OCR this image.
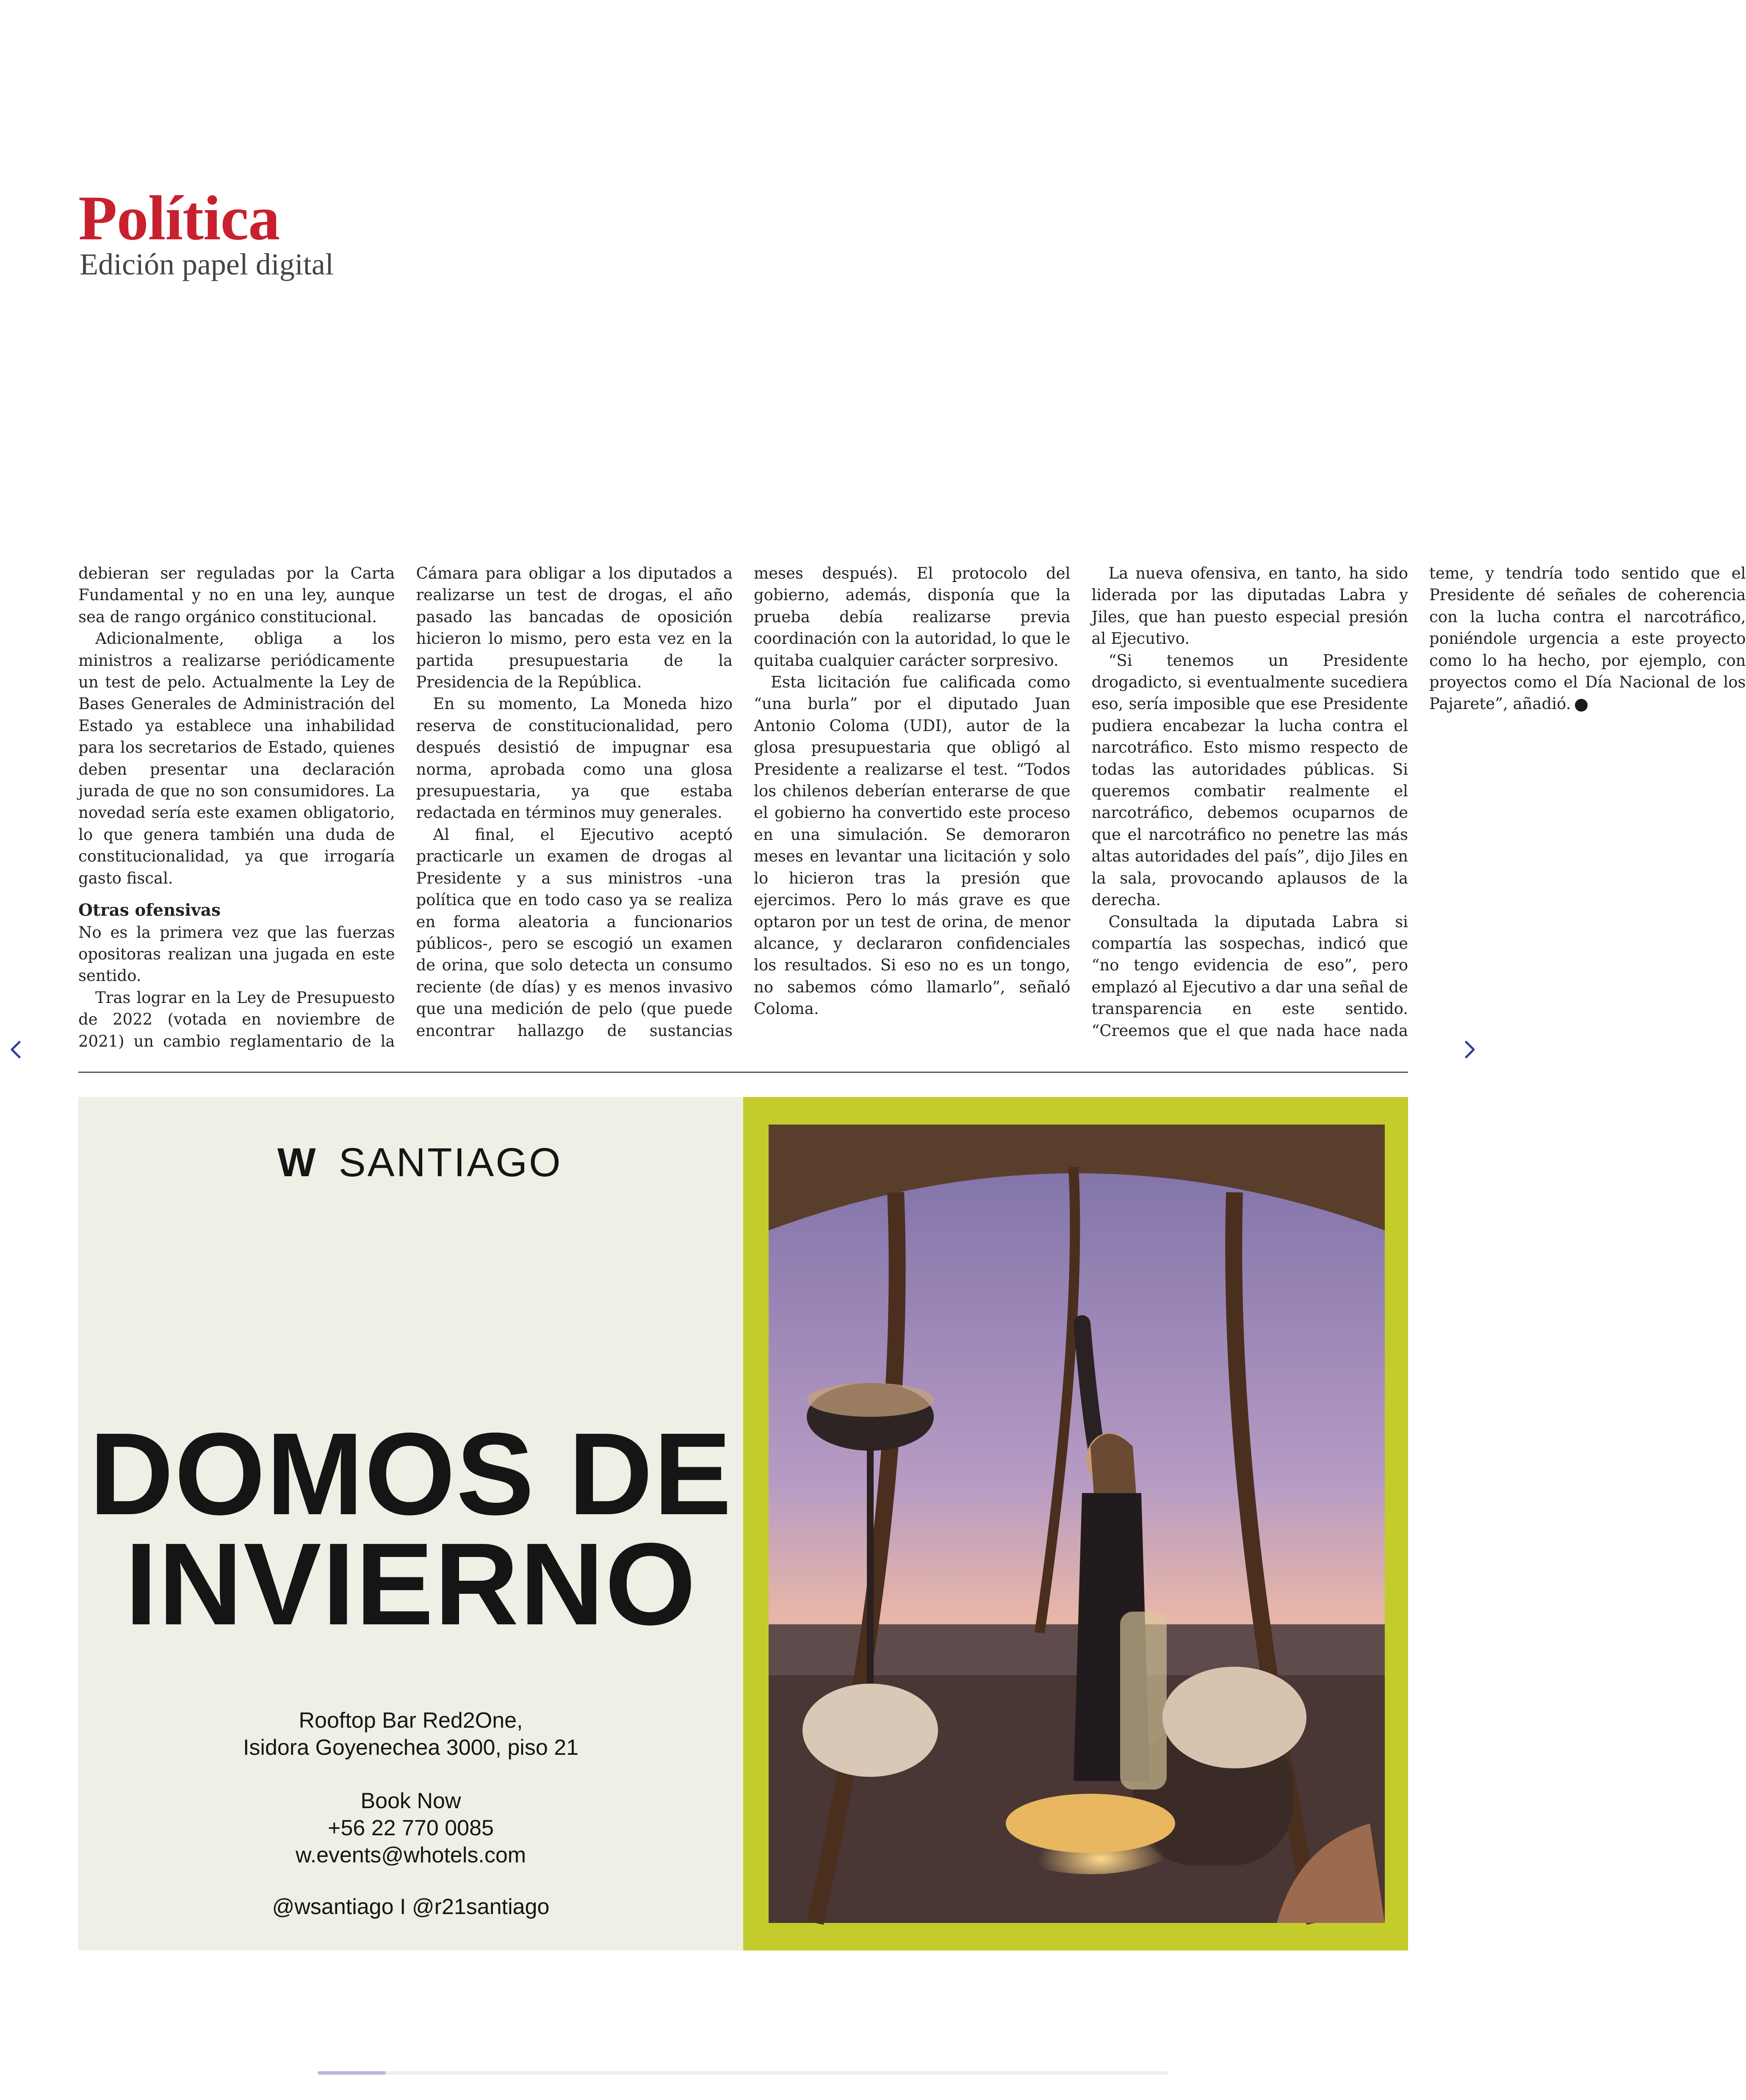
Política
Edición papel digital

debieran ser reguladas por la Carta Fundamental y no en una ley, aunque sea de rango orgánico constitucional.

Adicionalmente, obliga a los ministros a realizarse periódicamente un test de pelo. Actualmente la Ley de Bases Generales de Administración del Estado ya establece una inhabilidad para los secretarios de Estado, quienes deben presentar una declaración jurada de que no son consumidores. La novedad sería este examen obligatorio, lo que genera también una duda de constitucionalidad, ya que irrogaría gasto fiscal.

Otras ofensivas

No es la primera vez que las fuerzas opositoras realizan una jugada en este sentido.

Tras lograr en la Ley de Presupuesto de 2022 (votada en noviembre de 2021) un cambio reglamentario de la Cámara para obligar a los diputados a realizarse un test de drogas, el año pasado las bancadas de oposición hicieron lo mismo, pero esta vez en la partida presupuestaria de la Presidencia de la República.

En su momento, La Moneda hizo reserva de constitucionalidad, pero después desistió de impugnar esa norma, aprobada como una glosa presupuestaria, ya que estaba redactada en términos muy generales.

Al final, el Ejecutivo aceptó practicarle un examen de drogas al Presidente y a sus ministros -una política que en todo caso ya se realiza en forma aleatoria a funcionarios públicos-, pero se escogió un examen de orina, que solo detecta un consumo reciente (de días) y es menos invasivo que una medición de pelo (que puede encontrar hallazgo de sustancias meses después). El protocolo del gobierno, además, disponía que la prueba debía realizarse previa coordinación con la autoridad, lo que le quitaba cualquier carácter sorpresivo.

Esta licitación fue calificada como “una burla” por el diputado Juan Antonio Coloma (UDI), autor de la glosa presupuestaria que obligó al Presidente a realizarse el test. “Todos los chilenos deberían enterarse de que el gobierno ha convertido este proceso en una simulación. Se demoraron meses en levantar una licitación y solo lo hicieron tras la presión que ejercimos. Pero lo más grave es que optaron por un test de orina, de menor alcance, y declararon confidenciales los resultados. Si eso no es un tongo, no sabemos cómo llamarlo”, señaló Coloma.

La nueva ofensiva, en tanto, ha sido liderada por las diputadas Labra y Jiles, que han puesto especial presión al Ejecutivo.

“Si tenemos un Presidente drogadicto, si eventualmente sucediera eso, sería imposible que ese Presidente pudiera encabezar la lucha contra el narcotráfico. Esto mismo respecto de todas las autoridades públicas. Si queremos combatir realmente el narcotráfico, debemos ocuparnos de que el narcotráfico no penetre las más altas autoridades del país”, dijo Jiles en la sala, provocando aplausos de la derecha.

Consultada la diputada Labra si compartía las sospechas, indicó que “no tengo evidencia de eso”, pero emplazó al Ejecutivo a dar una señal de transparencia en este sentido. “Creemos que el que nada hace nada teme, y tendría todo sentido que el Presidente dé señales de coherencia con la lucha contra el narcotráfico, poniéndole urgencia a este proyecto como lo ha hecho, por ejemplo, con proyectos como el Día Nacional de los Pajarete”, añadió.

W SANTIAGO
DOMOS DE
INVIERNO
Rooftop Bar Red2One,
Isidora Goyenechea 3000, piso 21
Book Now
+56 22 770 0085
w.events@whotels.com
@wsantiago I @r21santiago
